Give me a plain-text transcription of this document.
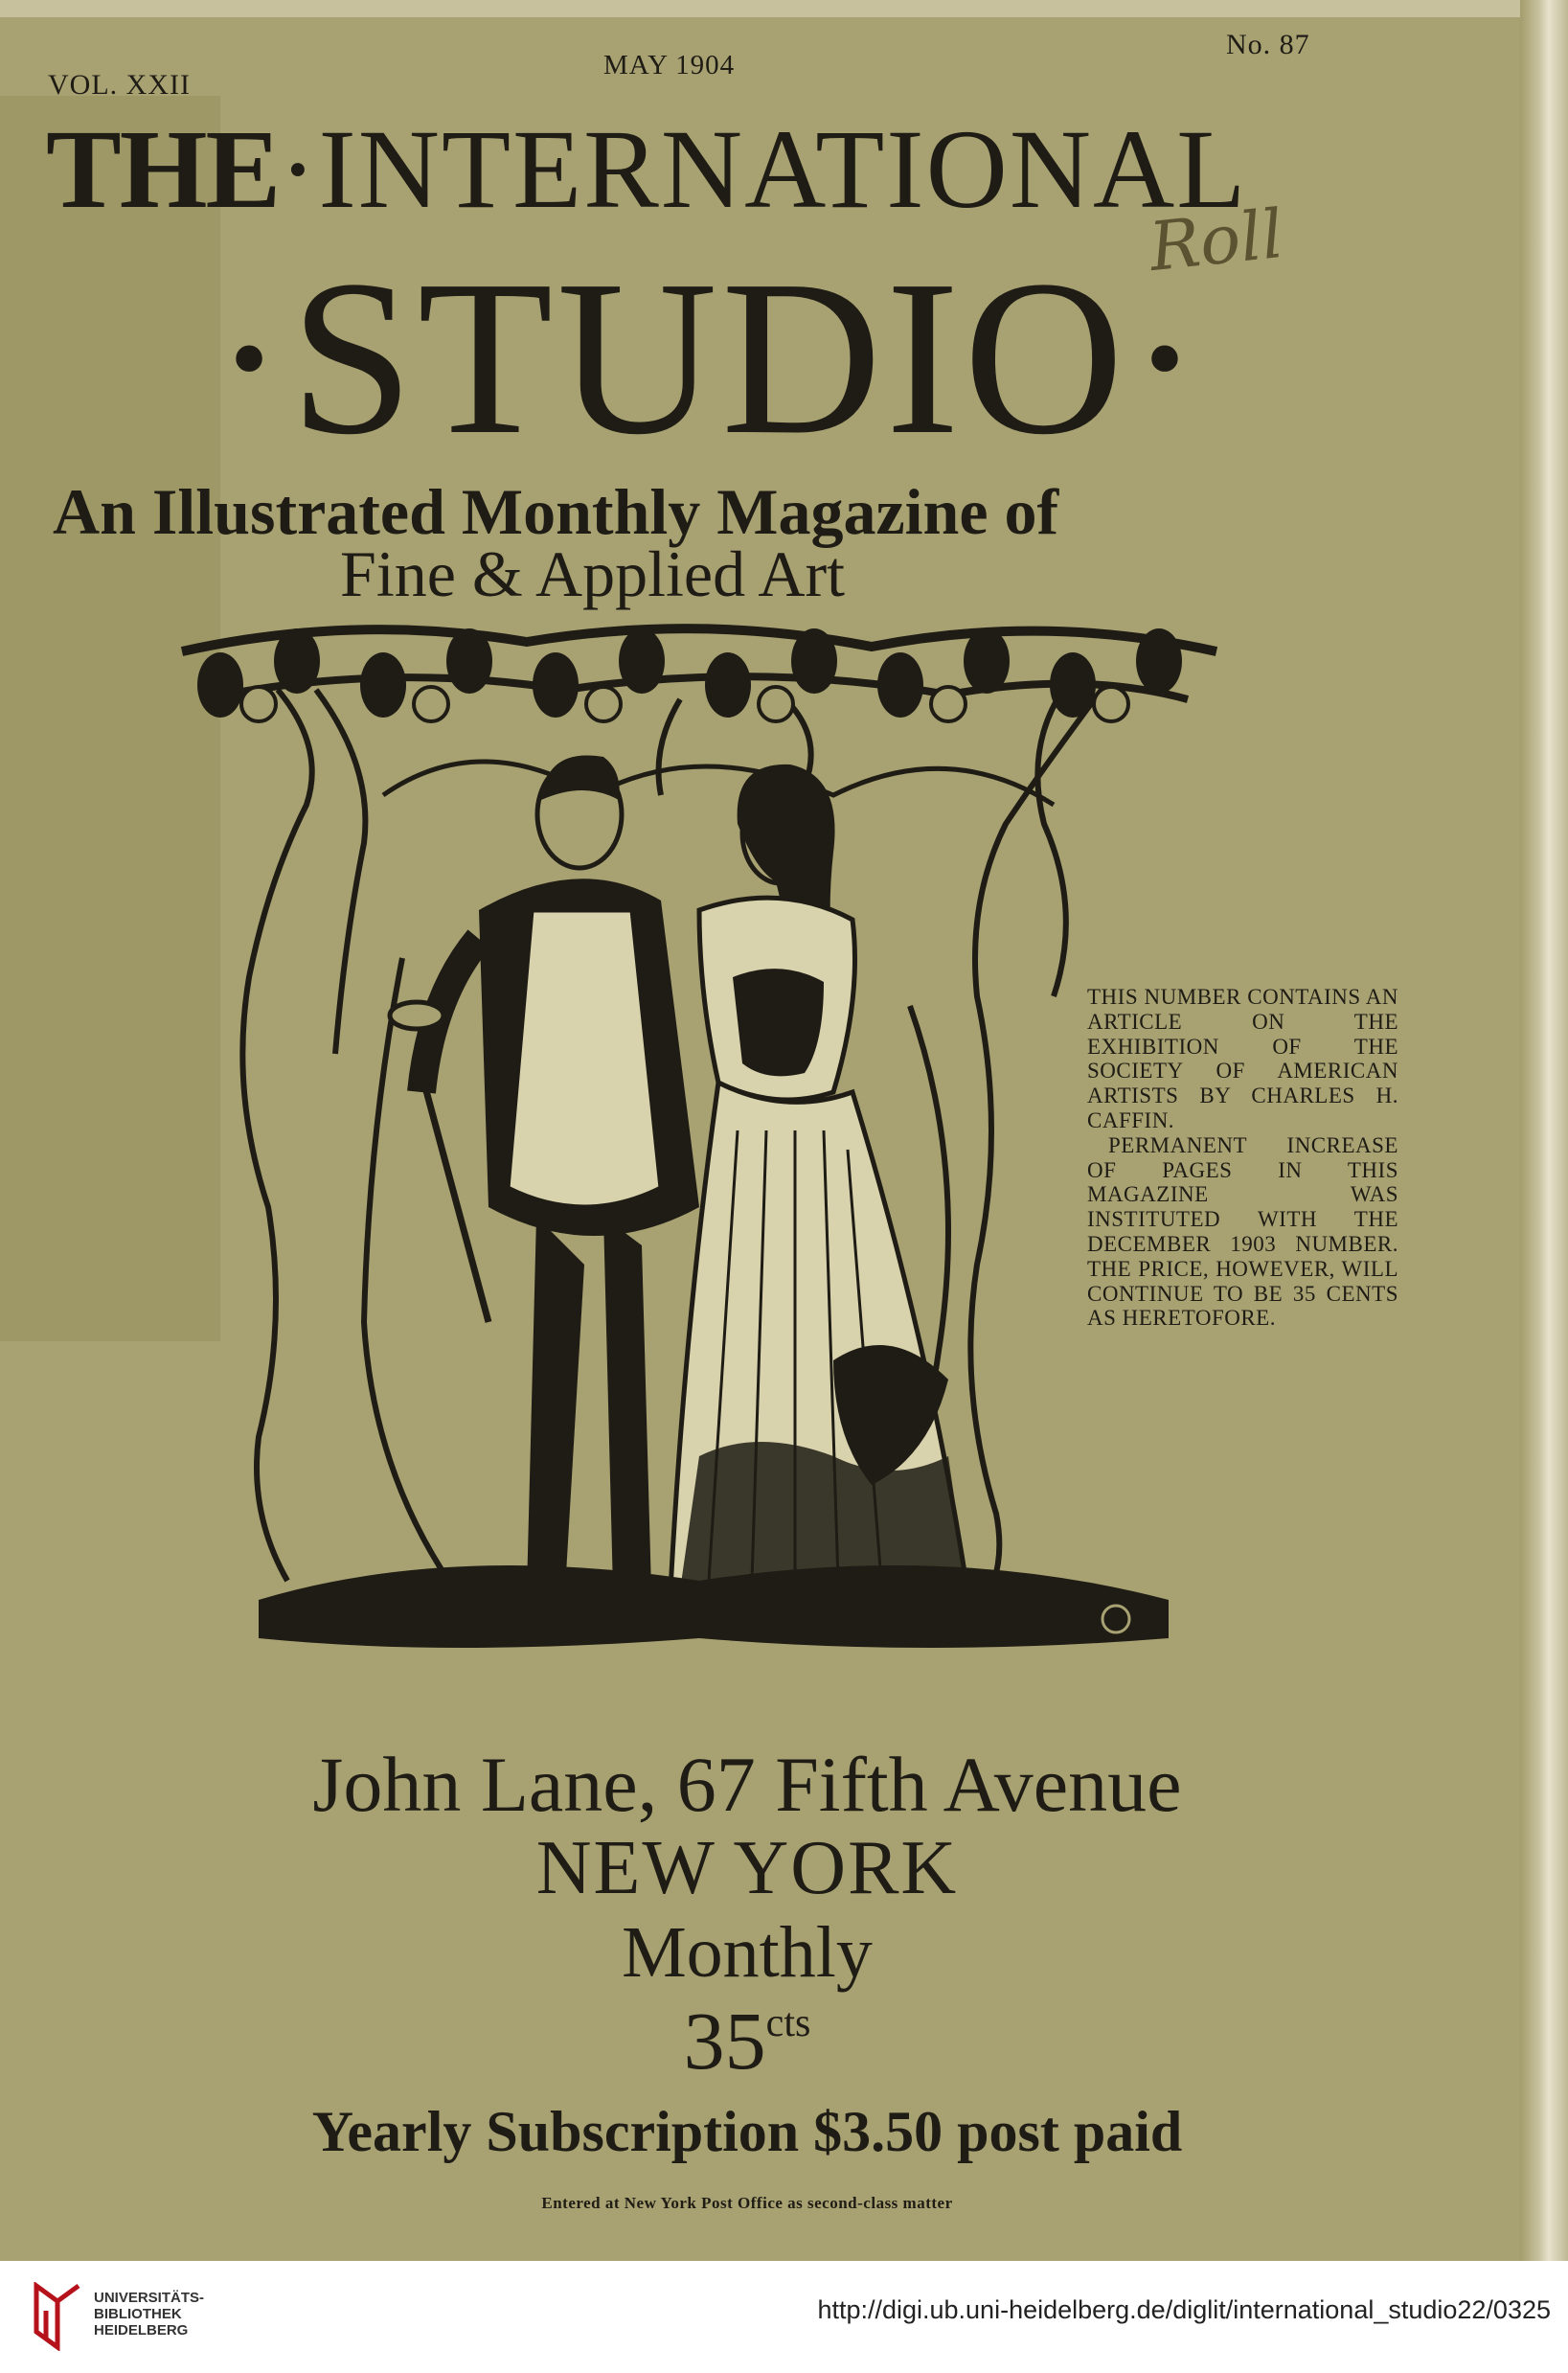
VOL. XXII
MAY 1904
No. 87
THE·INTERNATIONAL
·STUDIO·
Roll
An Illustrated Monthly Magazine of
Fine & Applied Art

THIS NUMBER CONTAINS AN ARTICLE ON THE EXHIBITION OF THE SOCIETY OF AMERICAN ARTISTS BY CHARLES H. CAFFIN.

PERMANENT INCREASE OF PAGES IN THIS MAGAZINE WAS INSTITUTED WITH THE DECEMBER 1903 NUMBER. THE PRICE, HOWEVER, WILL CONTINUE TO BE 35 CENTS AS HERETOFORE.

John Lane, 67 Fifth Avenue
NEW YORK
Monthly
$35^{cts}$
Yearly Subscription $3.50 post paid
Entered at New York Post Office as second-class matter
UNIVERSITÄTS-
BIBLIOTHEK
HEIDELBERG
http://digi.ub.uni-heidelberg.de/diglit/international_studio22/0325
